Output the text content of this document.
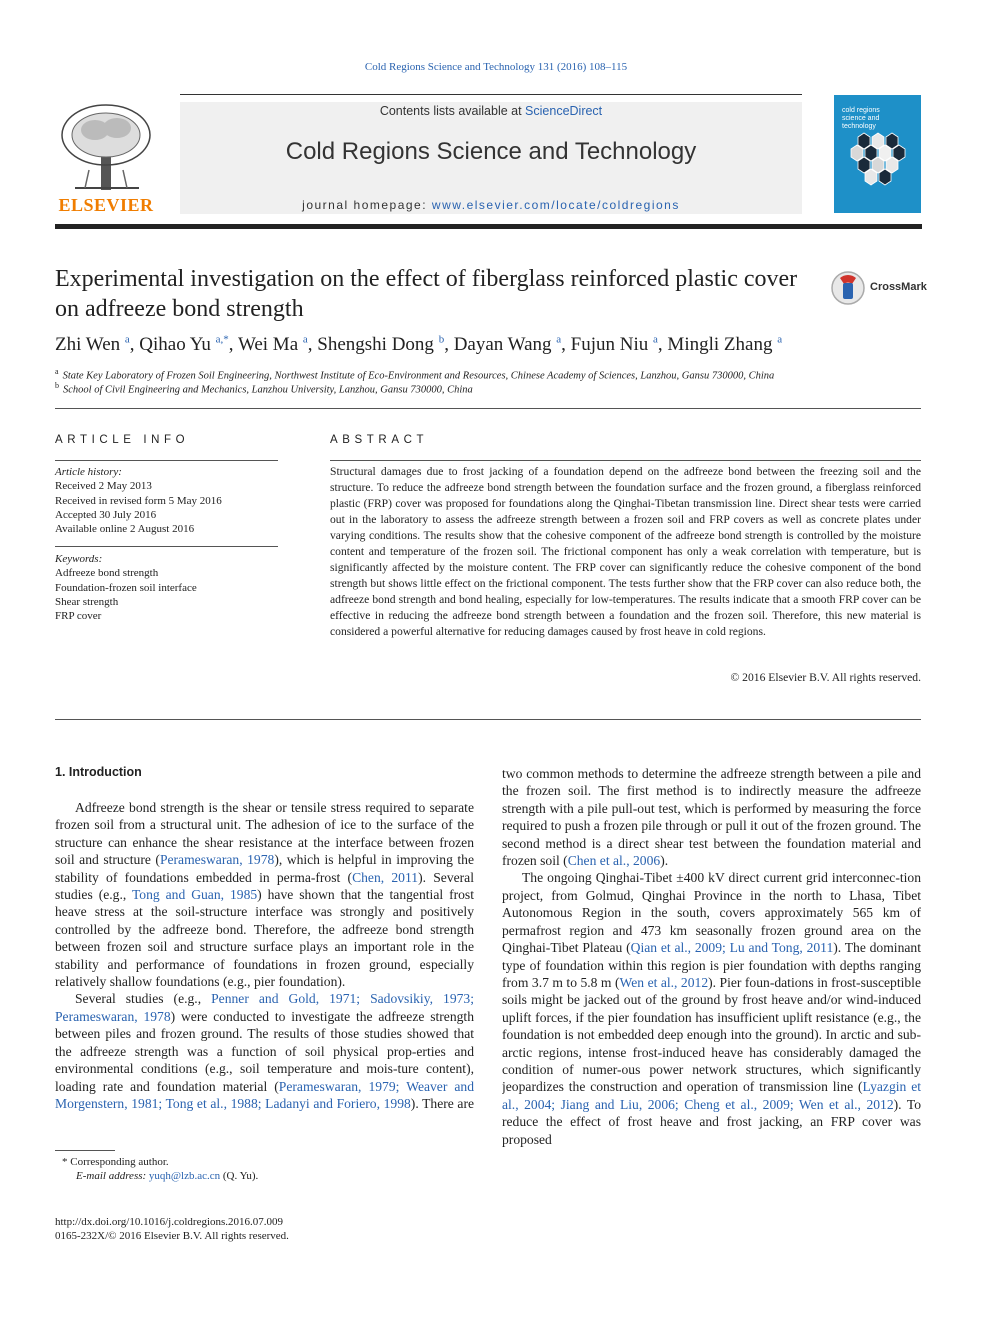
Cold Regions Science and Technology 131 (2016) 108–115
ELSEVIER
Contents lists available at ScienceDirect
Cold Regions Science and Technology
journal homepage: www.elsevier.com/locate/coldregions
cold regions science and technology
Experimental investigation on the effect of fiberglass reinforced plastic cover on adfreeze bond strength
CrossMark
Zhi Wen $^a$, Qihao Yu $^{a,*}$, Wei Ma $^a$, Shengshi Dong $^b$, Dayan Wang $^a$, Fujun Niu $^a$, Mingli Zhang $^a$
$^a$ State Key Laboratory of Frozen Soil Engineering, Northwest Institute of Eco-Environment and Resources, Chinese Academy of Sciences, Lanzhou, Gansu 730000, China
$^b$ School of Civil Engineering and Mechanics, Lanzhou University, Lanzhou, Gansu 730000, China
ARTICLE INFO
Article history:
Received 2 May 2013
Received in revised form 5 May 2016
Accepted 30 July 2016
Available online 2 August 2016
Keywords:
Adfreeze bond strength
Foundation-frozen soil interface
Shear strength
FRP cover
ABSTRACT
Structural damages due to frost jacking of a foundation depend on the adfreeze bond between the freezing soil and the structure. To reduce the adfreeze bond strength between the foundation surface and the frozen ground, a fiberglass reinforced plastic (FRP) cover was proposed for foundations along the Qinghai-Tibetan transmission line. Direct shear tests were carried out in the laboratory to assess the adfreeze strength between a frozen soil and FRP covers as well as concrete plates under varying conditions. The results show that the cohesive component of the adfreeze bond strength is controlled by the moisture content and temperature of the frozen soil. The frictional component has only a weak correlation with temperature, but is significantly affected by the moisture content. The FRP cover can significantly reduce the cohesive component of the bond strength but shows little effect on the frictional component. The tests further show that the FRP cover can also reduce both, the adfreeze bond strength and bond healing, especially for low-temperatures. The results indicate that a smooth FRP cover can be effective in reducing the adfreeze bond strength between a foundation and the frozen soil. Therefore, this new material is considered a powerful alternative for reducing damages caused by frost heave in cold regions.
© 2016 Elsevier B.V. All rights reserved.
1. Introduction

Adfreeze bond strength is the shear or tensile stress required to separate frozen soil from a structural unit. The adhesion of ice to the surface of the structure can enhance the shear resistance at the interface between frozen soil and structure (Perameswaran, 1978), which is helpful in improving the stability of foundations embedded in perma-frost (Chen, 2011). Several studies (e.g., Tong and Guan, 1985) have shown that the tangential frost heave stress at the soil-structure interface was strongly and positively controlled by the adfreeze bond. Therefore, the adfreeze bond strength between frozen soil and structure surface plays an important role in the stability and performance of foundations in frozen ground, especially relatively shallow foundations (e.g., pier foundation).

Several studies (e.g., Penner and Gold, 1971; Sadovsikiy, 1973; Perameswaran, 1978) were conducted to investigate the adfreeze strength between piles and frozen ground. The results of those studies showed that the adfreeze strength was a function of soil physical prop-erties and environmental conditions (e.g., soil temperature and mois-ture content), loading rate and foundation material (Perameswaran, 1979; Weaver and Morgenstern, 1981; Tong et al., 1988; Ladanyi and Foriero, 1998). There are

two common methods to determine the adfreeze strength between a pile and the frozen soil. The first method is to indirectly measure the adfreeze strength with a pile pull-out test, which is performed by measuring the force required to push a frozen pile through or pull it out of the frozen ground. The second method is a direct shear test between the foundation material and frozen soil (Chen et al., 2006).

The ongoing Qinghai-Tibet ±400 kV direct current grid interconnec-tion project, from Golmud, Qinghai Province in the north to Lhasa, Tibet Autonomous Region in the south, covers approximately 565 km of permafrost region and 473 km seasonally frozen ground area on the Qinghai-Tibet Plateau (Qian et al., 2009; Lu and Tong, 2011). The dominant type of foundation within this region is pier foundation with depths ranging from 3.7 m to 5.8 m (Wen et al., 2012). Pier foun-dations in frost-susceptible soils might be jacked out of the ground by frost heave and/or wind-induced uplift forces, if the pier foundation has insufficient uplift resistance (e.g., the foundation is not embedded deep enough into the ground). In arctic and sub-arctic regions, intense frost-induced heave has considerably damaged the condition of numer-ous power network structures, which significantly jeopardizes the construction and operation of transmission line (Lyazgin et al., 2004; Jiang and Liu, 2006; Cheng et al., 2009; Wen et al., 2012). To reduce the effect of frost heave and frost jacking, an FRP cover was proposed

* Corresponding author.
E-mail address: yuqh@lzb.ac.cn (Q. Yu).
http://dx.doi.org/10.1016/j.coldregions.2016.07.009
0165-232X/© 2016 Elsevier B.V. All rights reserved.
